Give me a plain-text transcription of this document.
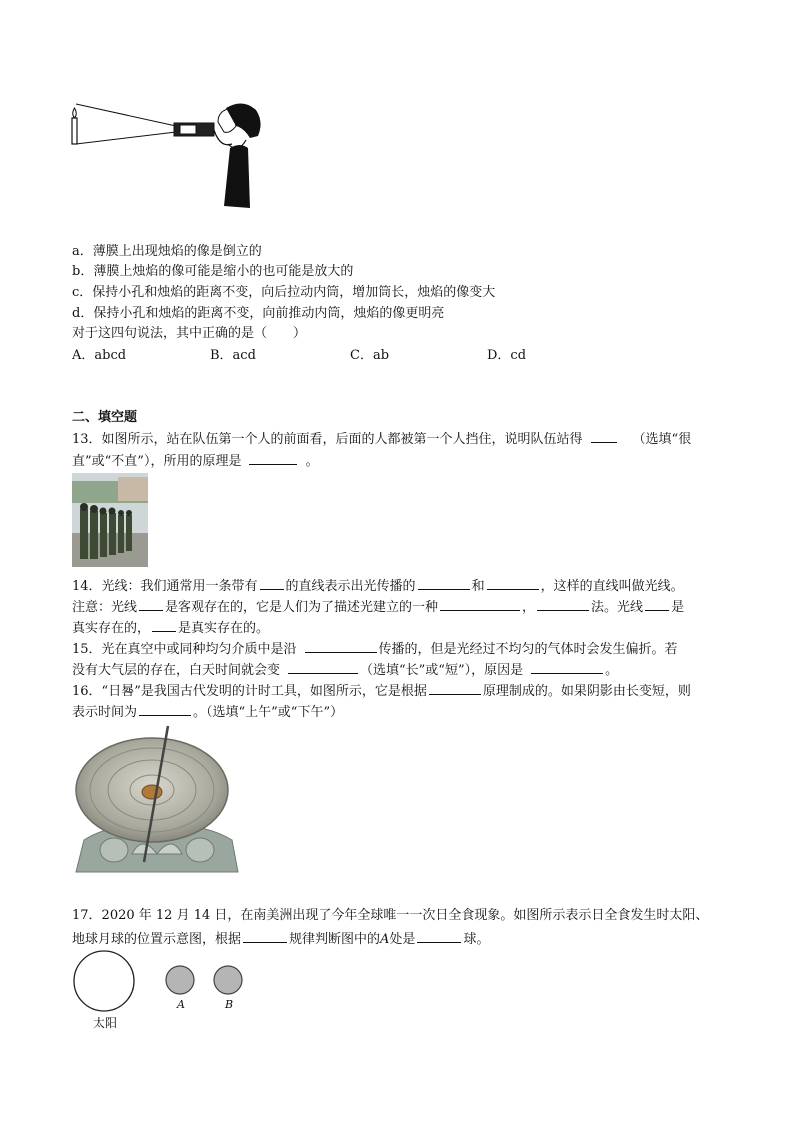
a．薄膜上出现烛焰的像是倒立的
b．薄膜上烛焰的像可能是缩小的也可能是放大的
c．保持小孔和烛焰的距离不变，向后拉动内筒，增加筒长，烛焰的像变大
d．保持小孔和烛焰的距离不变，向前推动内筒，烛焰的像更明亮
对于这四句说法，其中正确的是（　　）
A．abcd	B．acd	C．ab	D．cd
二、填空题
13．如图所示，站在队伍第一个人的前面看，后面的人都被第一个人挡住，说明队伍站得	（选填“很
直”或“不直”），所用的原理是	。
14．光线：我们通常用一条带有 的直线表示出光传播的	和	，这样的直线叫做光线。
注意：光线 是客观存在的，它是人们为了描述光建立的一种	，	法。光线 是
真实存在的， 是真实存在的。
15．光在真空中或同种均匀介质中是沿	传播的，但是光经过不均匀的气体时会发生偏折。若
没有大气层的存在，白天时间就会变	（选填“长”或“短”），原因是	。
16．“日晷”是我国古代发明的计时工具，如图所示，它是根据	原理制成的。如果阴影由长变短，则
表示时间为	。（选填“上午”或“下午”）
17．2020 年 12 月 14 日，在南美洲出现了今年全球唯一一次日全食现象。如图所示表示日全食发生时太阳、
地球月球的位置示意图，根据	规律判断图中的A处是	球。
太阳
A	B
